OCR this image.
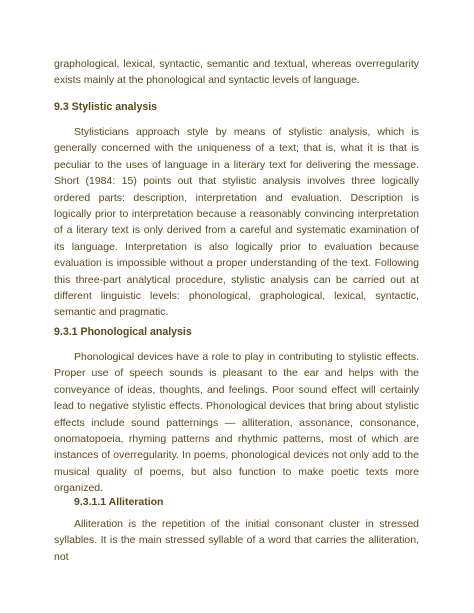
graphological, lexical, syntactic, semantic and textual, whereas overregularity exists mainly at the phonological and syntactic levels of language.

9.3 Stylistic analysis

Stylisticians approach style by means of stylistic analysis, which is generally concerned with the uniqueness of a text; that is, what it is that is peculiar to the uses of language in a literary text for delivering the message. Short (1984: 15) points out that stylistic analysis involves three logically ordered parts: description, interpretation and evaluation. Description is logically prior to interpretation because a reasonably convincing interpretation of a literary text is only derived from a careful and systematic examination of its language. Interpretation is also logically prior to evaluation because evaluation is impossible without a proper understanding of the text. Following this three-part analytical procedure, stylistic analysis can be carried out at different linguistic levels: phonological, graphological, lexical, syntactic, semantic and pragmatic.

9.3.1 Phonological analysis

Phonological devices have a role to play in contributing to stylistic effects. Proper use of speech sounds is pleasant to the ear and helps with the conveyance of ideas, thoughts, and feelings. Poor sound effect will certainly lead to negative stylistic effects. Phonological devices that bring about stylistic effects include sound patternings — alliteration, assonance, consonance, onomatopoeia, rhyming patterns and rhythmic patterns, most of which are instances of overregularity. In poems, phonological devices not only add to the musical quality of poems, but also function to make poetic texts more organized.

9.3.1.1 Alliteration

Alliteration is the repetition of the initial consonant cluster in stressed syllables. It is the main stressed syllable of a word that carries the alliteration, not
